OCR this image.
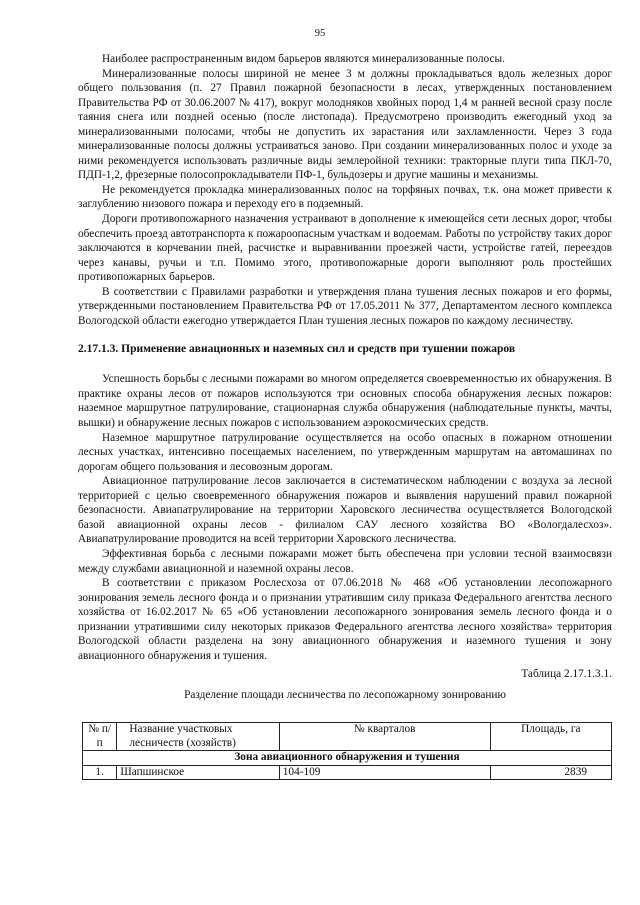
95

Наиболее распространенным видом барьеров являются минерализованные полосы.

Минерализованные полосы шириной не менее 3 м должны прокладываться вдоль железных дорог общего пользования (п. 27 Правил пожарной безопасности в лесах, утвержденных постановлением Правительства РФ от 30.06.2007 № 417), вокруг молодняков хвойных пород 1,4 м ранней весной сразу после таяния снега или поздней осенью (после листопада). Предусмотрено производить ежегодный уход за минерализованными полосами, чтобы не допустить их зарастания или захламленности. Через 3 года минерализованные полосы должны устраиваться заново. При создании минерализованных полос и уходе за ними рекомендуется использовать различные виды землеройной техники: тракторные плуги типа ПКЛ-70, ПДП-1,2, фрезерные полосопрокладыватели ПФ-1, бульдозеры и другие машины и механизмы.

Не рекомендуется прокладка минерализованных полос на торфяных почвах, т.к. она может привести к заглублению низового пожара и переходу его в подземный.

Дороги противопожарного назначения устраивают в дополнение к имеющейся сети лесных дорог, чтобы обеспечить проезд автотранспорта к пожароопасным участкам и водоемам. Работы по устройству таких дорог заключаются в корчевании пней, расчистке и выравнивании проезжей части, устройстве гатей, переездов через канавы, ручьи и т.п. Помимо этого, противопожарные дороги выполняют роль простейших противопожарных барьеров.

В соответствии с Правилами разработки и утверждения плана тушения лесных пожаров и его формы, утвержденными постановлением Правительства РФ от 17.05.2011 № 377, Департаментом лесного комплекса Вологодской области ежегодно утверждается План тушения лесных пожаров по каждому лесничеству.

2.17.1.3. Применение авиационных и наземных сил и средств при тушении пожаров

Успешность борьбы с лесными пожарами во многом определяется своевременностью их обнаружения. В практике охраны лесов от пожаров используются три основных способа обнаружения лесных пожаров: наземное маршрутное патрулирование, стационарная служба обнаружения (наблюдательные пункты, мачты, вышки) и обнаружение лесных пожаров с использованием аэрокосмических средств.

Наземное маршрутное патрулирование осуществляется на особо опасных в пожарном отношении лесных участках, интенсивно посещаемых населением, по утвержденным маршрутам на автомашинах по дорогам общего пользования и лесовозным дорогам.

Авиационное патрулирование лесов заключается в систематическом наблюдении с воздуха за лесной территорией с целью своевременного обнаружения пожаров и выявления нарушений правил пожарной безопасности. Авиапатрулирование на территории Харовского лесничества осуществляется Вологодской базой авиационной охраны лесов - филиалом САУ лесного хозяйства ВО «Вологдалесхоз». Авиапатрулирование проводится на всей территории Харовского лесничества.

Эффективная борьба с лесными пожарами может быть обеспечена при условии тесной взаимосвязи между службами авиационной и наземной охраны лесов.

В соответствии с приказом Рослесхоза от 07.06.2018 № 468 «Об установлении лесопожарного зонирования земель лесного фонда и о признании утратившим силу приказа Федерального агентства лесного хозяйства от 16.02.2017 № 65 «Об установлении лесопожарного зонирования земель лесного фонда и о признании утратившими силу некоторых приказов Федерального агентства лесного хозяйства» территория Вологодской области разделена на зону авиационного обнаружения и наземного тушения и зону авиационного обнаружения и тушения.

Таблица 2.17.1.3.1.
Разделение площади лесничества по лесопожарному зонированию
№ п/п	Название участковых лесничеств (хозяйств)	№ кварталов	Площадь, га
Зона авиационного обнаружения и тушения			
1.	Шапшинское	104-109	2839
